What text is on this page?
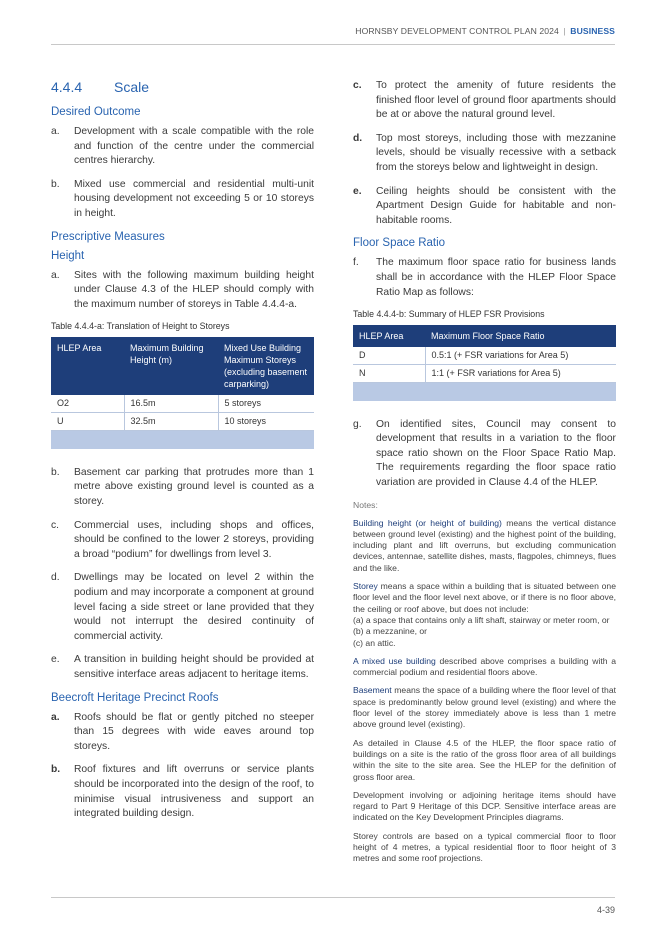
HORNSBY DEVELOPMENT CONTROL PLAN 2024 | BUSINESS
4.4.4 Scale
Desired Outcome
a.	Development with a scale compatible with the role and function of the centre under the commercial centres hierarchy.
b.	Mixed use commercial and residential multi-unit housing development not exceeding 5 or 10 storeys in height.
Prescriptive Measures
Height
a.	Sites with the following maximum building height under Clause 4.3 of the HLEP should comply with the maximum number of storeys in Table 4.4.4-a.
Table 4.4.4-a: Translation of Height to Storeys
HLEP Area	Maximum Building Height (m)	Mixed Use Building Maximum Storeys (excluding basement carparking)
O2	16.5m	5 storeys
U	32.5m	10 storeys

b.	Basement car parking that protrudes more than 1 metre above existing ground level is counted as a storey.
c.	Commercial uses, including shops and offices, should be confined to the lower 2 storeys, providing a broad “podium” for dwellings from level 3.
d.	Dwellings may be located on level 2 within the podium and may incorporate a component at ground level facing a side street or lane provided that they would not interrupt the desired continuity of commercial activity.
e.	A transition in building height should be provided at sensitive interface areas adjacent to heritage items.
Beecroft Heritage Precinct Roofs
a.	Roofs should be flat or gently pitched no steeper than 15 degrees with wide eaves around top storeys.
b.	Roof fixtures and lift overruns or service plants should be incorporated into the design of the roof, to minimise visual intrusiveness and support an integrated building design.
c.	To protect the amenity of future residents the finished floor level of ground floor apartments should be at or above the natural ground level.
d.	Top most storeys, including those with mezzanine levels, should be visually recessive with a setback from the storeys below and lightweight in design.
e.	Ceiling heights should be consistent with the Apartment Design Guide for habitable and non-habitable rooms.
Floor Space Ratio
f.	The maximum floor space ratio for business lands shall be in accordance with the HLEP Floor Space Ratio Map as follows:
Table 4.4.4-b: Summary of HLEP FSR Provisions
HLEP Area	Maximum Floor Space Ratio
D	0.5:1 (+ FSR variations for Area 5)
N	1:1 (+ FSR variations for Area 5)

g.	On identified sites, Council may consent to development that results in a variation to the floor space ratio shown on the Floor Space Ratio Map. The requirements regarding the floor space ratio variation are provided in Clause 4.4 of the HLEP.
Notes:

Building height (or height of building) means the vertical distance between ground level (existing) and the highest point of the building, including plant and lift overruns, but excluding communication devices, antennae, satellite dishes, masts, flagpoles, chimneys, flues and the like.

Storey means a space within a building that is situated between one floor level and the floor level next above, or if there is no floor above, the ceiling or roof above, but does not include:
(a) a space that contains only a lift shaft, stairway or meter room, or
(b) a mezzanine, or
(c) an attic.

A mixed use building described above comprises a building with a commercial podium and residential floors above.

Basement means the space of a building where the floor level of that space is predominantly below ground level (existing) and where the floor level of the storey immediately above is less than 1 metre above ground level (existing).

As detailed in Clause 4.5 of the HLEP, the floor space ratio of buildings on a site is the ratio of the gross floor area of all buildings within the site to the site area. See the HLEP for the definition of gross floor area.

Development involving or adjoining heritage items should have regard to Part 9 Heritage of this DCP. Sensitive interface areas are indicated on the Key Development Principles diagrams.

Storey controls are based on a typical commercial floor to floor height of 4 metres, a typical residential floor to floor height of 3 metres and some roof projections.

4-39
